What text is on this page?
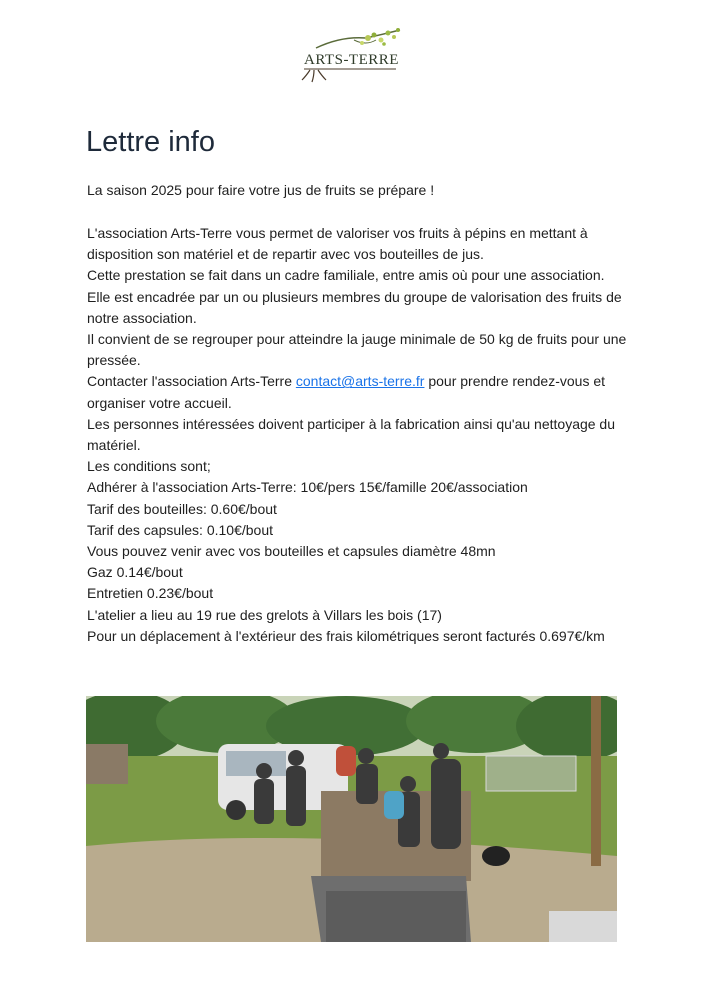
ARTS-TERRE
Lettre info

La saison 2025 pour faire votre jus de fruits se prépare !

L'association Arts-Terre vous permet de valoriser vos fruits à pépins en mettant à disposition son matériel et de repartir avec vos bouteilles de jus.

Cette prestation se fait dans un cadre familiale, entre amis où pour une association.

Elle est encadrée par un ou plusieurs membres du groupe de valorisation des fruits de notre association.

Il convient de se regrouper pour atteindre la jauge minimale de 50 kg de fruits pour une pressée.

Contacter l'association Arts-Terre contact@arts-terre.fr pour prendre rendez-vous et organiser votre accueil.

Les personnes intéressées doivent participer à la fabrication ainsi qu'au nettoyage du matériel.

Les conditions sont;

Adhérer à l'association Arts-Terre: 10€/pers 15€/famille 20€/association

Tarif des bouteilles: 0.60€/bout

Tarif des capsules: 0.10€/bout

Vous pouvez venir avec vos bouteilles et capsules diamètre 48mn

Gaz 0.14€/bout

Entretien 0.23€/bout

L'atelier a lieu au 19 rue des grelots à Villars les bois (17)

Pour un déplacement à l'extérieur des frais kilométriques seront facturés 0.697€/km
